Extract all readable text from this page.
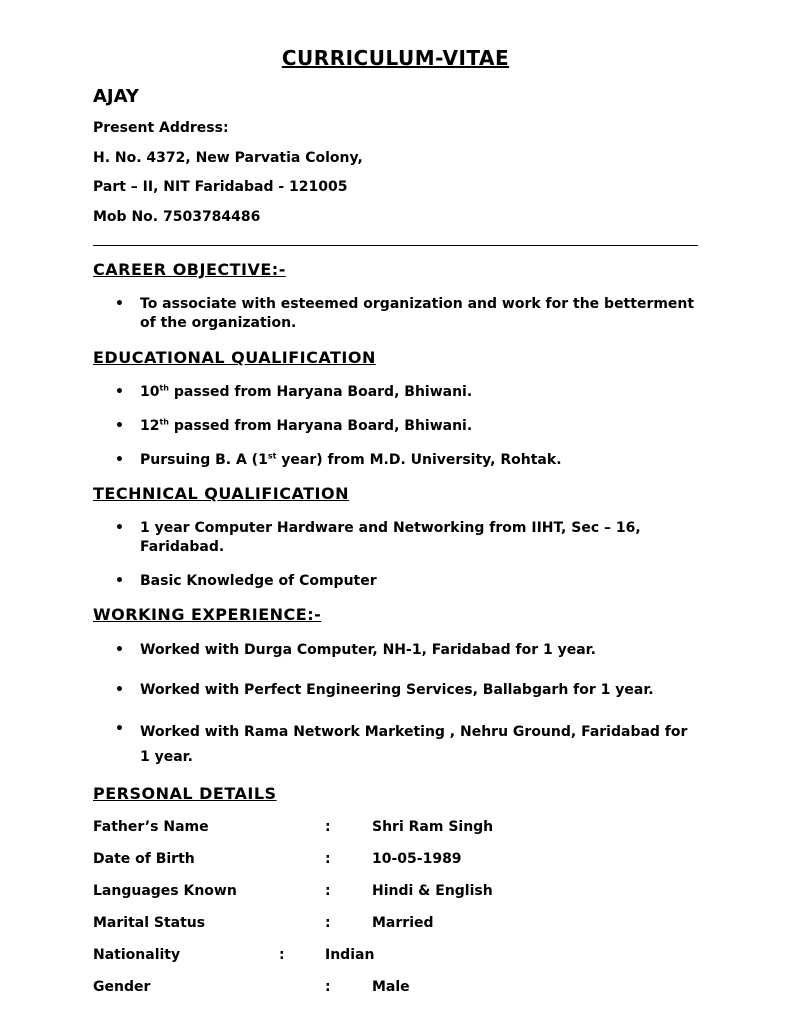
CURRICULUM-VITAE
AJAY
Present Address:
H. No. 4372, New Parvatia Colony,
Part – II, NIT Faridabad - 121005
Mob No. 7503784486
CAREER OBJECTIVE:-
• To associate with esteemed organization and work for the betterment
of the organization.
EDUCATIONAL QUALIFICATION
• 10th passed from Haryana Board, Bhiwani.
• 12th passed from Haryana Board, Bhiwani.
• Pursuing B. A (1st year) from M.D. University, Rohtak.
TECHNICAL QUALIFICATION
• 1 year Computer Hardware and Networking from IIHT, Sec – 16,
Faridabad.
• Basic Knowledge of Computer
WORKING EXPERIENCE:-
• Worked with Durga Computer, NH-1, Faridabad for 1 year.
• Worked with Perfect Engineering Services, Ballabgarh for 1 year.
• Worked with Rama Network Marketing , Nehru Ground, Faridabad for
1 year.
PERSONAL DETAILS
Father’s Name	:	Shri Ram Singh
Date of Birth	:	10-05-1989
Languages Known	:	Hindi & English
Marital Status	:	Married
Nationality	:	Indian
Gender	:	Male
